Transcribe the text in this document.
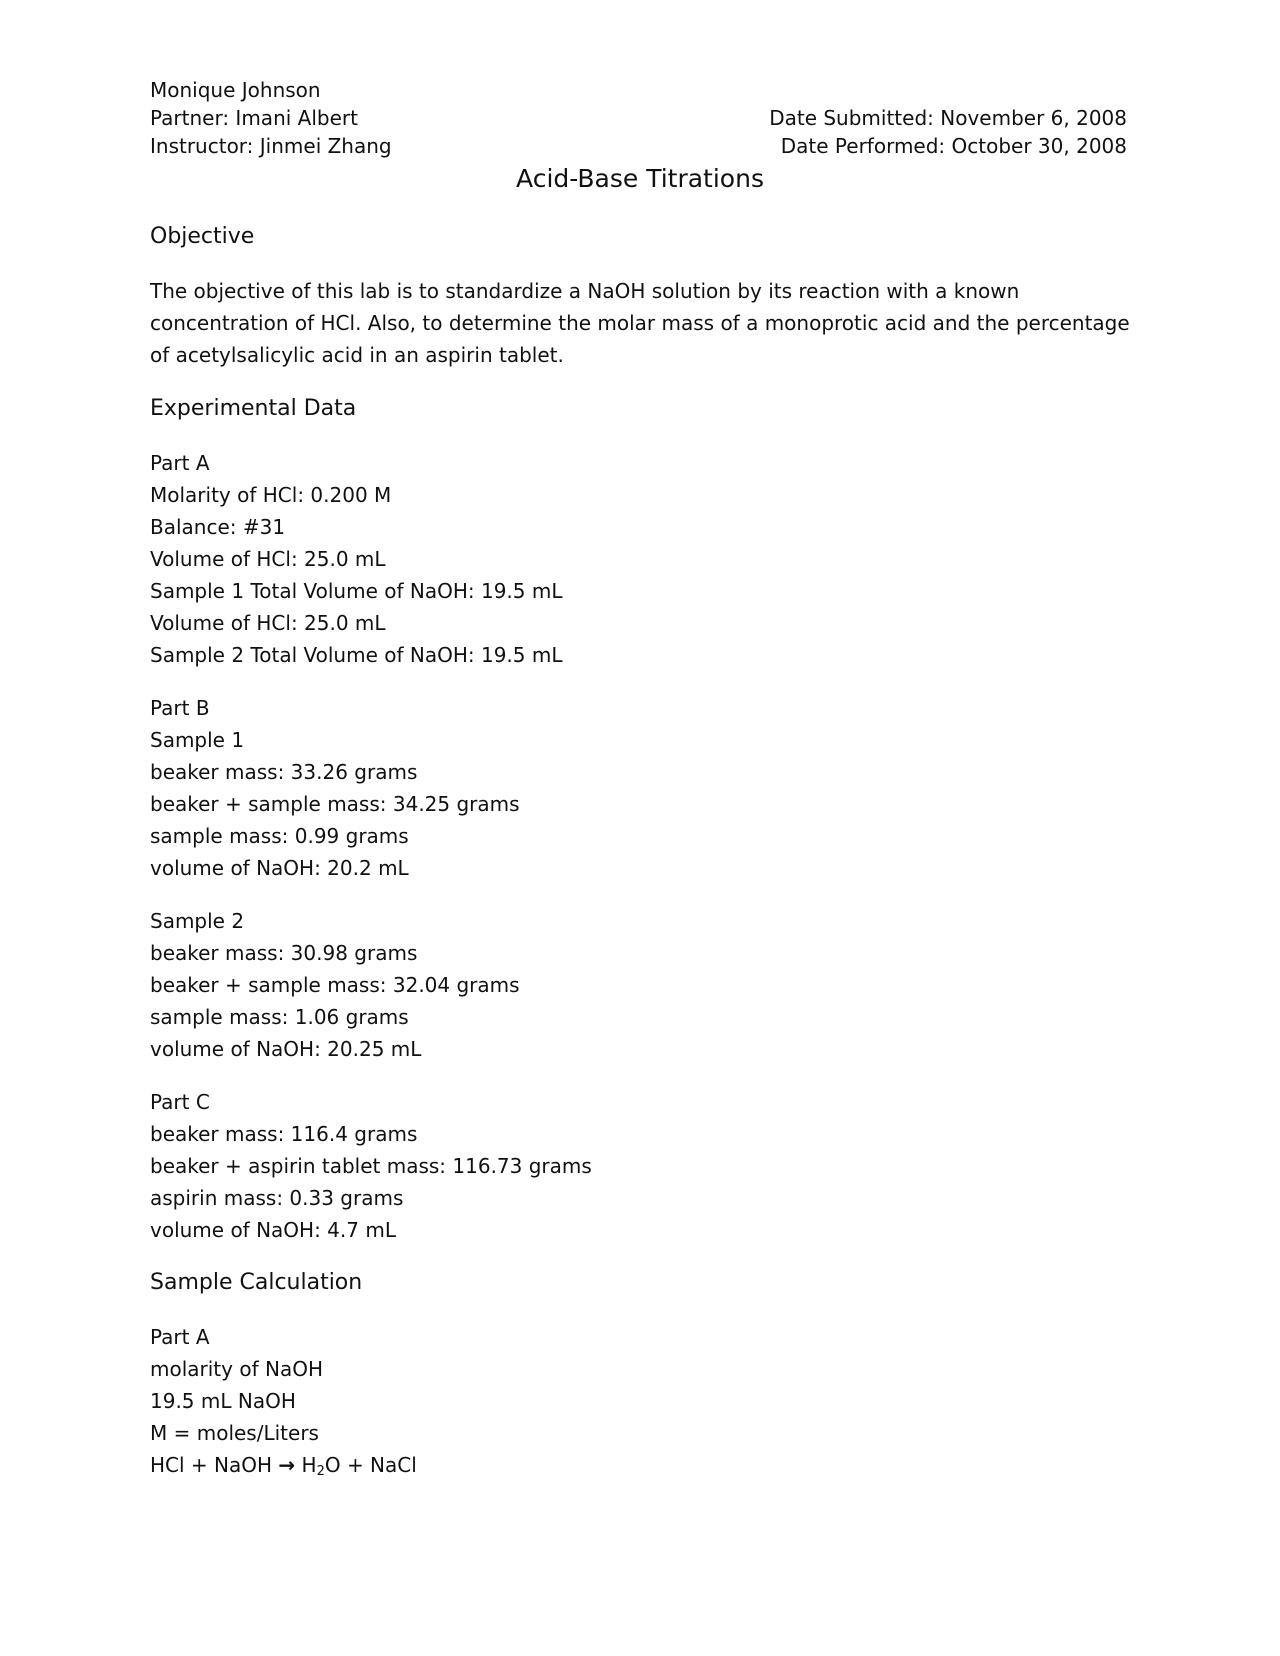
Monique Johnson
Partner: Imani Albert
Instructor: Jinmei Zhang
Date Submitted: November 6, 2008
Date Performed: October 30, 2008
Acid-Base Titrations
Objective
The objective of this lab is to standardize a NaOH solution by its reaction with a known concentration of HCl. Also, to determine the molar mass of a monoprotic acid and the percentage of acetylsalicylic acid in an aspirin tablet.
Experimental Data
Part A
Molarity of HCl: 0.200 M
Balance: #31
Volume of HCl: 25.0 mL
Sample 1 Total Volume of NaOH: 19.5 mL
Volume of HCl: 25.0 mL
Sample 2 Total Volume of NaOH: 19.5 mL
Part B
Sample 1
beaker mass: 33.26 grams
beaker + sample mass: 34.25 grams
sample mass: 0.99 grams
volume of NaOH: 20.2 mL
Sample 2
beaker mass: 30.98 grams
beaker + sample mass: 32.04 grams
sample mass: 1.06 grams
volume of NaOH: 20.25 mL
Part C
beaker mass: 116.4 grams
beaker + aspirin tablet mass: 116.73 grams
aspirin mass: 0.33 grams
volume of NaOH: 4.7 mL
Sample Calculation
Part A
molarity of NaOH
19.5 mL NaOH
M = moles/Liters
HCl + NaOH → $H_2O$ + NaCl
